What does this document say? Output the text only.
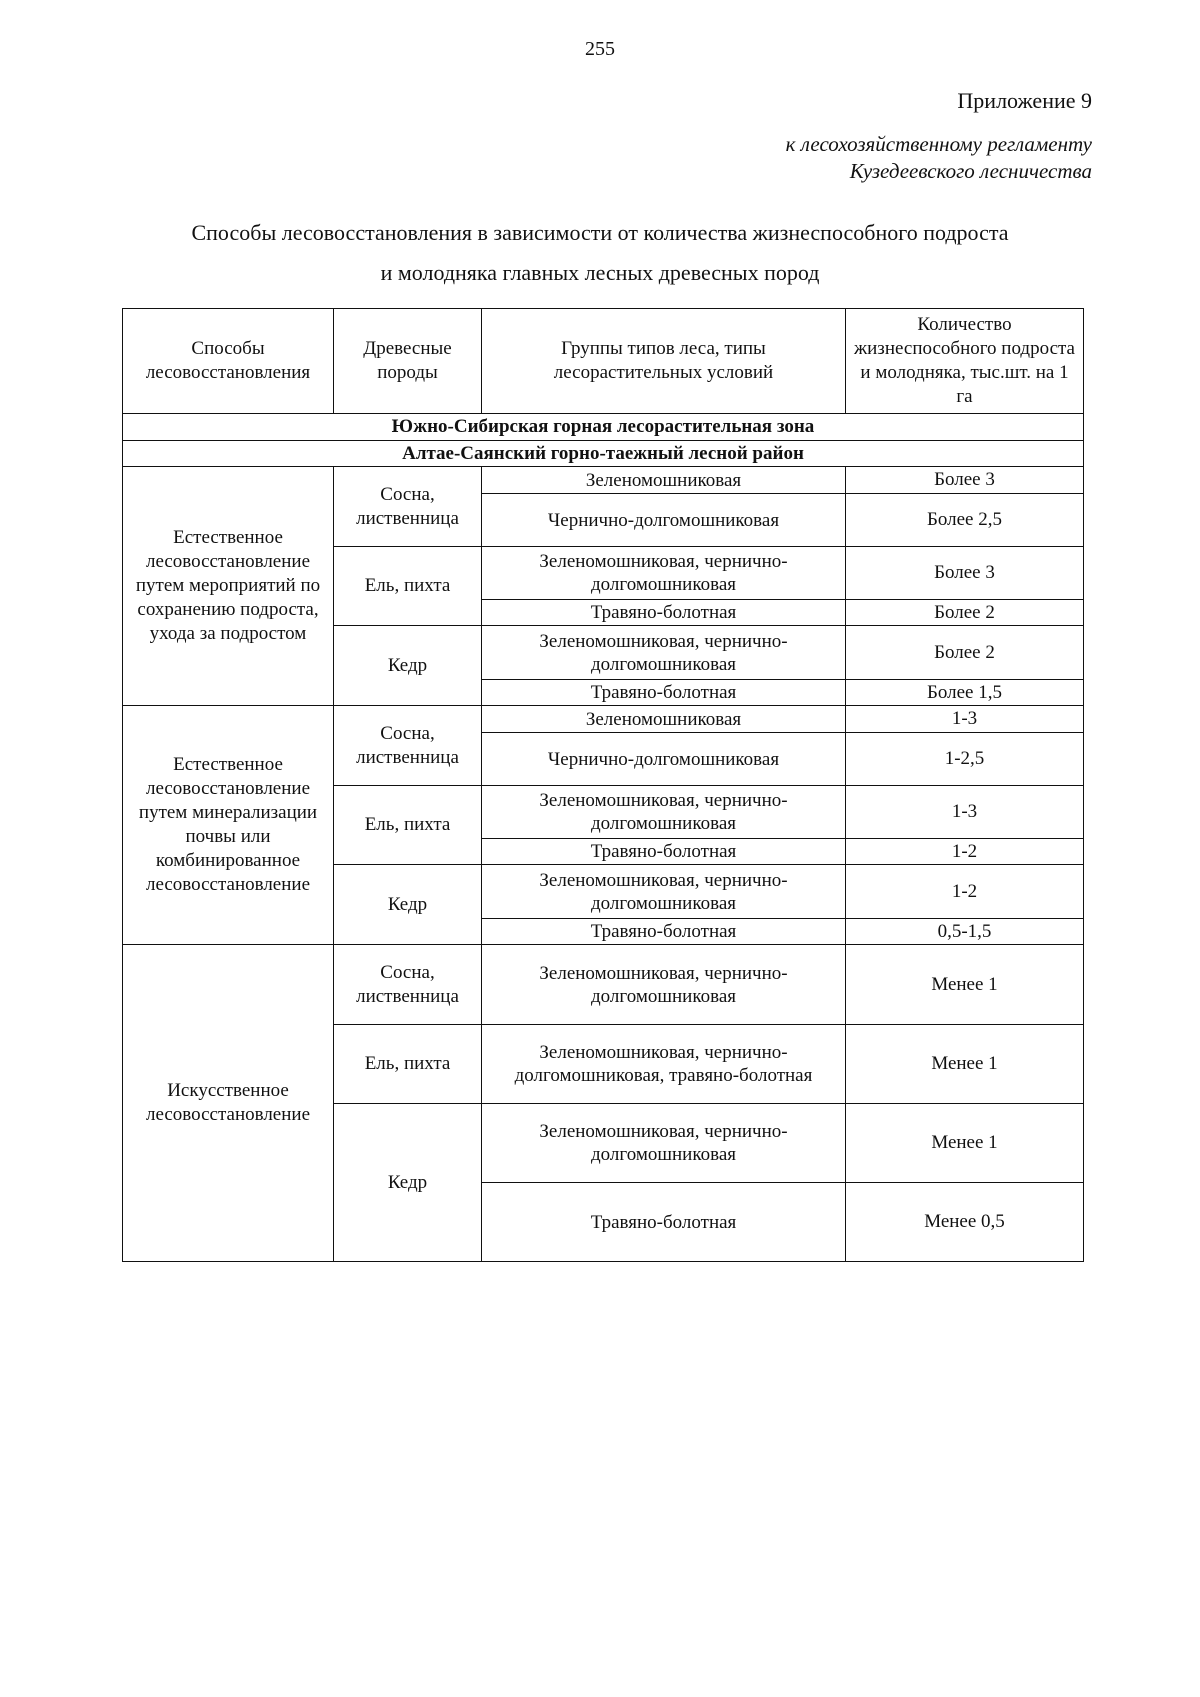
255
Приложение 9
к лесохозяйственному регламенту
Кузедеевского лесничества
Способы лесовосстановления в зависимости от количества жизнеспособного подроста
и молодняка главных лесных древесных пород
Способы лесовосстановления	Древесные породы	Группы типов леса, типы лесорастительных условий	Количество жизнеспособного подроста и молодняка, тыс.шт. на 1 га
Южно-Сибирская горная лесорастительная зона			
Алтае-Саянский горно-таежный лесной район			
Естественное лесовосстановление путем мероприятий по сохранению подроста, ухода за подростом	Сосна, лиственница	Зеленомошниковая	Более 3
		Чернично-долгомошниковая	Более 2,5
	Ель, пихта	Зеленомошниковая, чернично-долгомошниковая	Более 3
		Травяно-болотная	Более 2
	Кедр	Зеленомошниковая, чернично-долгомошниковая	Более 2
		Травяно-болотная	Более 1,5
Естественное лесовосстановление путем минерализации почвы или комбинированное лесовосстановление	Сосна, лиственница	Зеленомошниковая	1-3
		Чернично-долгомошниковая	1-2,5
	Ель, пихта	Зеленомошниковая, чернично-долгомошниковая	1-3
		Травяно-болотная	1-2
	Кедр	Зеленомошниковая, чернично-долгомошниковая	1-2
		Травяно-болотная	0,5-1,5
Искусственное лесовосстановление	Сосна, лиственница	Зеленомошниковая, чернично-долгомошниковая	Менее 1
	Ель, пихта	Зеленомошниковая, чернично-долгомошниковая, травяно-болотная	Менее 1
	Кедр	Зеленомошниковая, чернично-долгомошниковая	Менее 1
		Травяно-болотная	Менее 0,5
